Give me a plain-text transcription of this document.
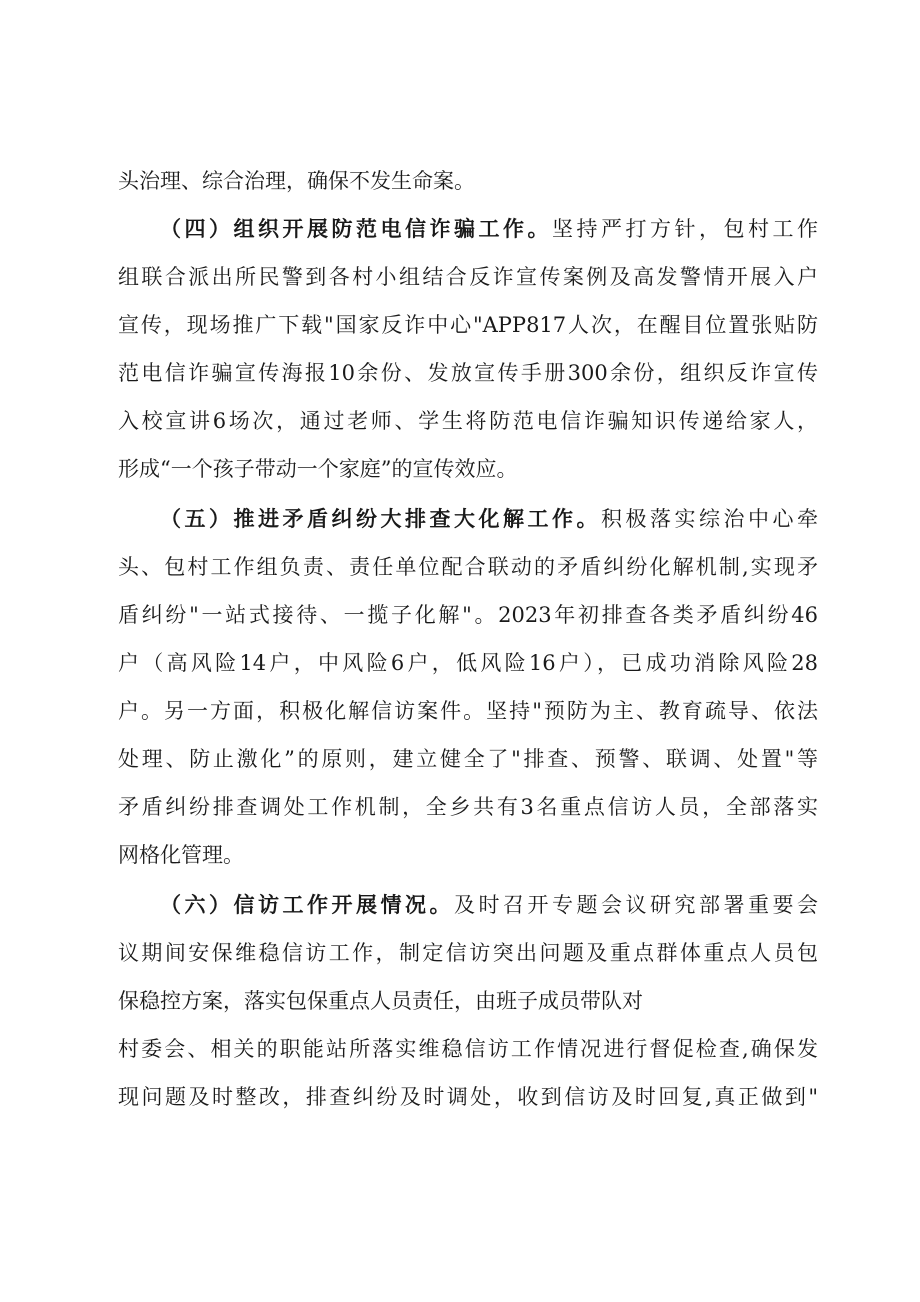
头治理、综合治理，确保不发生命案。
（四）组织开展防范电信诈骗工作。坚持严打方针，包村工作
组联合派出所民警到各村小组结合反诈宣传案例及高发警情开展入户
宣传，现场推广下载"国家反诈中心"APP817人次，在醒目位置张贴防
范电信诈骗宣传海报10余份、发放宣传手册300余份，组织反诈宣传
入校宣讲6场次，通过老师、学生将防范电信诈骗知识传递给家人，
形成“一个孩子带动一个家庭”的宣传效应。
（五）推进矛盾纠纷大排查大化解工作。积极落实综治中心牵
头、包村工作组负责、责任单位配合联动的矛盾纠纷化解机制,实现矛
盾纠纷"一站式接待、一揽子化解"。2023年初排查各类矛盾纠纷46
户（高风险14户，中风险6户，低风险16户），已成功消除风险28
户。另一方面，积极化解信访案件。坚持"预防为主、教育疏导、依法
处理、防止激化”的原则，建立健全了"排查、预警、联调、处置"等
矛盾纠纷排查调处工作机制，全乡共有3名重点信访人员，全部落实
网格化管理。
（六）信访工作开展情况。及时召开专题会议研究部署重要会
议期间安保维稳信访工作，制定信访突出问题及重点群体重点人员包
保稳控方案，落实包保重点人员责任，由班子成员带队对
村委会、相关的职能站所落实维稳信访工作情况进行督促检查,确保发
现问题及时整改，排查纠纷及时调处，收到信访及时回复,真正做到"
